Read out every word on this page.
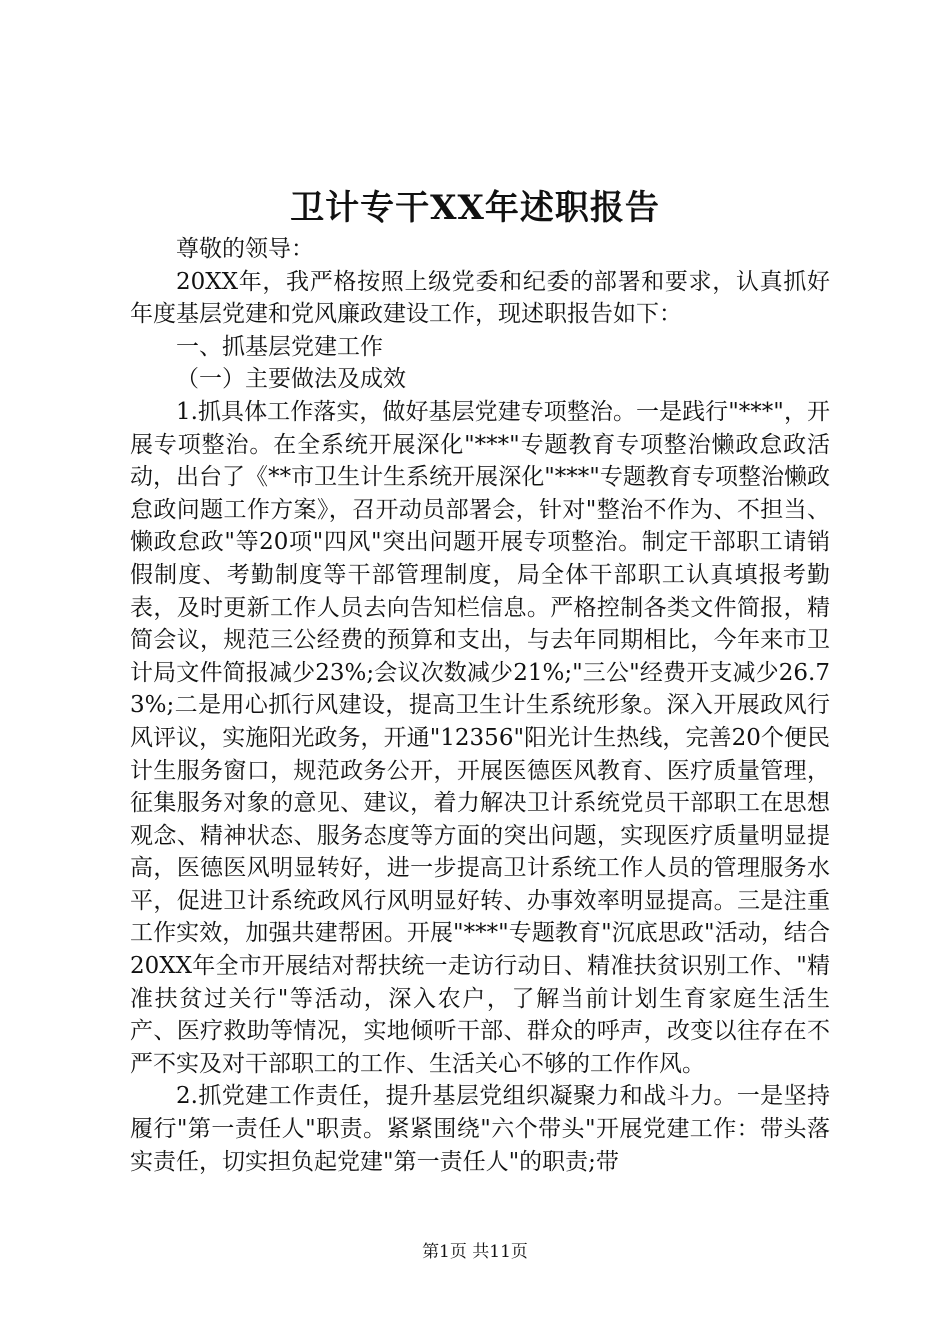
卫计专干XX年述职报告

尊敬的领导：

20XX年，我严格按照上级党委和纪委的部署和要求，认真抓好年度基层党建和党风廉政建设工作，现述职报告如下：

一、抓基层党建工作

（一）主要做法及成效

1.抓具体工作落实，做好基层党建专项整治。一是践行"***"，开展专项整治。在全系统开展深化"***"专题教育专项整治懒政怠政活动，出台了《**市卫生计生系统开展深化"***"专题教育专项整治懒政怠政问题工作方案》，召开动员部署会，针对"整治不作为、不担当、懒政怠政"等20项"四风"突出问题开展专项整治。制定干部职工请销假制度、考勤制度等干部管理制度，局全体干部职工认真填报考勤表，及时更新工作人员去向告知栏信息。严格控制各类文件简报，精简会议，规范三公经费的预算和支出，与去年同期相比，今年来市卫计局文件简报减少23%;会议次数减少21%;"三公"经费开支减少26.73%;二是用心抓行风建设，提高卫生计生系统形象。深入开展政风行风评议，实施阳光政务，开通"12356"阳光计生热线，完善20个便民计生服务窗口，规范政务公开，开展医德医风教育、医疗质量管理，征集服务对象的意见、建议，着力解决卫计系统党员干部职工在思想观念、精神状态、服务态度等方面的突出问题，实现医疗质量明显提高，医德医风明显转好，进一步提高卫计系统工作人员的管理服务水平，促进卫计系统政风行风明显好转、办事效率明显提高。三是注重工作实效，加强共建帮困。开展"***"专题教育"沉底思政"活动，结合20XX年全市开展结对帮扶统一走访行动日、精准扶贫识别工作、"精准扶贫过关行"等活动，深入农户，了解当前计划生育家庭生活生产、医疗救助等情况，实地倾听干部、群众的呼声，改变以往存在不严不实及对干部职工的工作、生活关心不够的工作作风。

2.抓党建工作责任，提升基层党组织凝聚力和战斗力。一是坚持履行"第一责任人"职责。紧紧围绕"六个带头"开展党建工作：带头落实责任，切实担负起党建"第一责任人"的职责;带

第1页 共11页
